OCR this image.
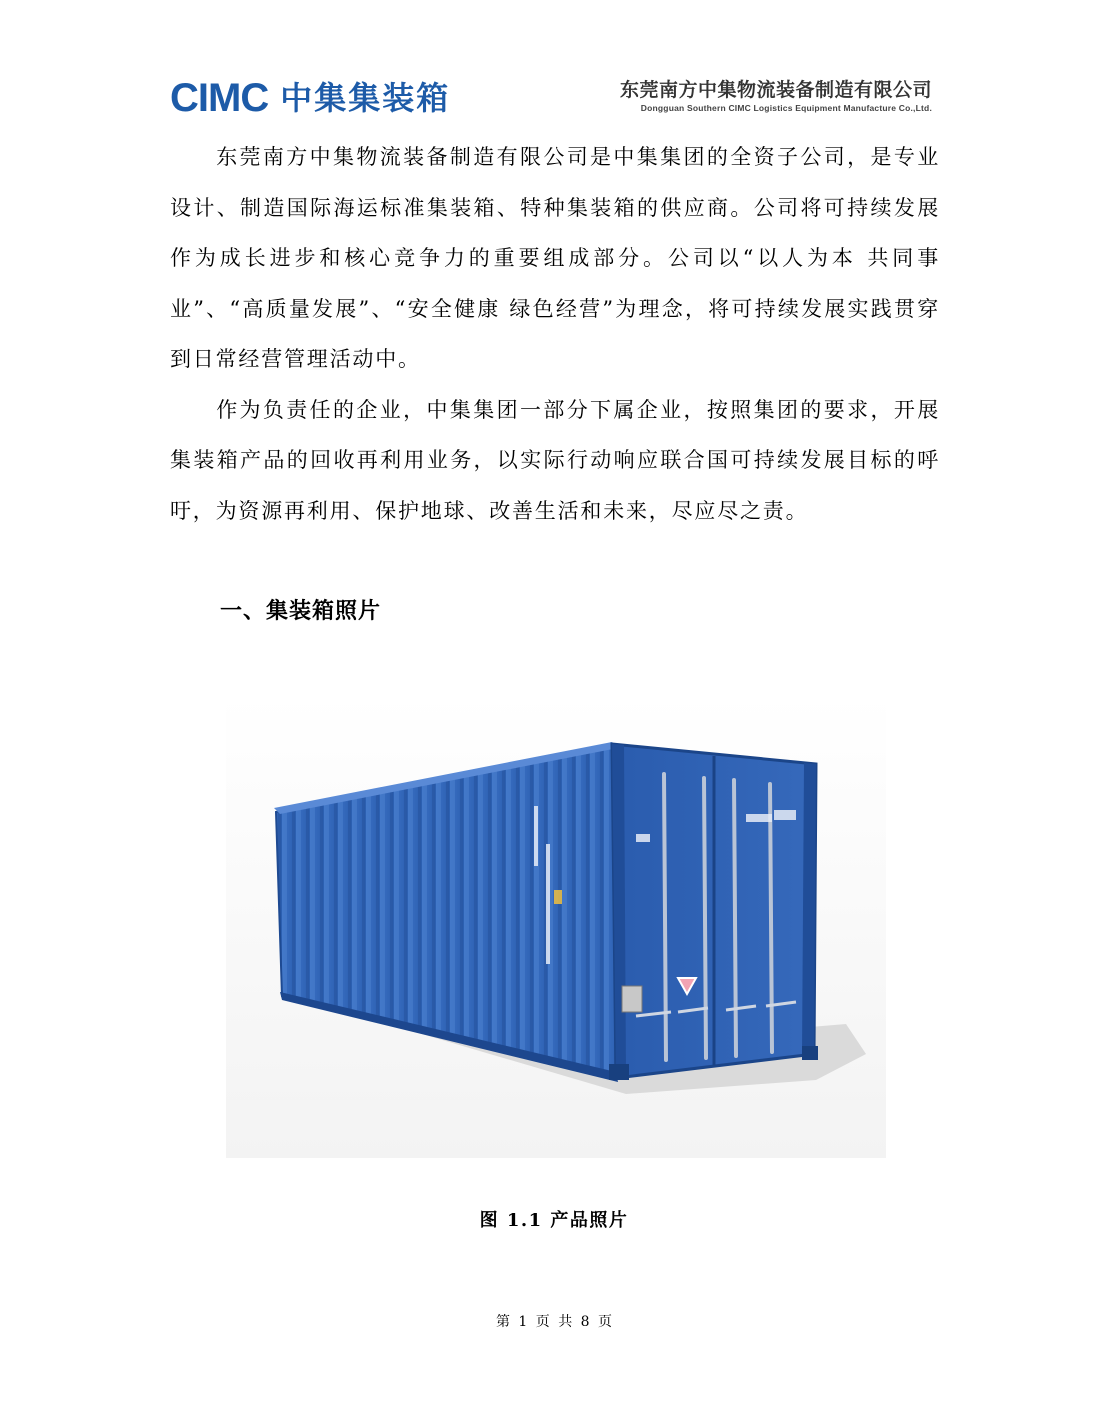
CIMC 中集集装箱	东莞南方中集物流装备制造有限公司
Dongguan Southern CIMC Logistics Equipment Manufacture Co.,Ltd.

东莞南方中集物流装备制造有限公司是中集集团的全资子公司，是专业设计、制造国际海运标准集装箱、特种集装箱的供应商。公司将可持续发展作为成长进步和核心竞争力的重要组成部分。公司以“以人为本 共同事业”、“高质量发展”、“安全健康 绿色经营”为理念，将可持续发展实践贯穿到日常经营管理活动中。

作为负责任的企业，中集集团一部分下属企业，按照集团的要求，开展集装箱产品的回收再利用业务，以实际行动响应联合国可持续发展目标的呼吁，为资源再利用、保护地球、改善生活和未来，尽应尽之责。

一、集装箱照片
图 1.1 产品照片
第 1 页 共 8 页
